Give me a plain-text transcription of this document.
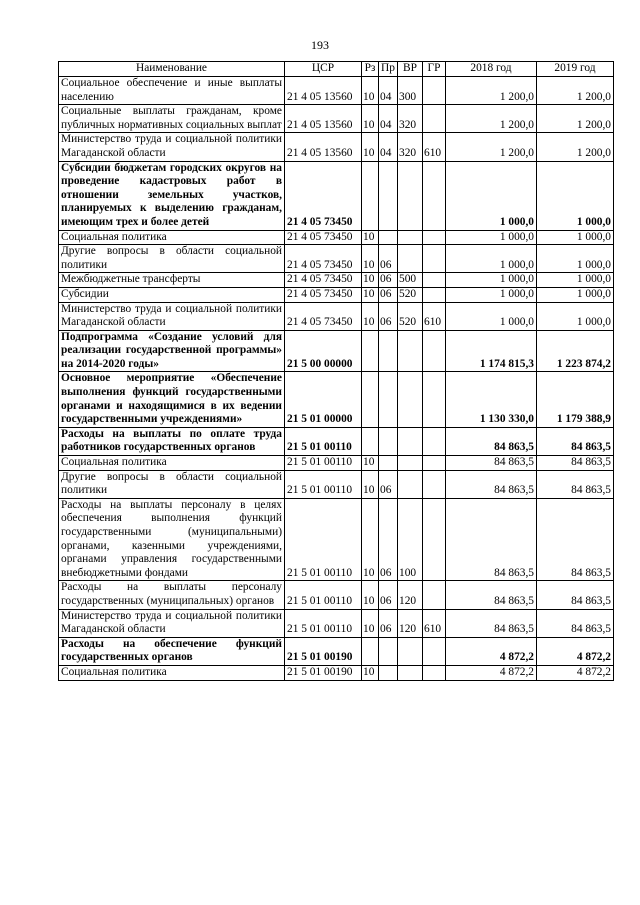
193
Наименование	ЦСР	Рз	Пр	ВР	ГР	2018 год	2019 год
Социальное обеспечение и иные выплаты населению	21 4 05 13560	10	04	300		1 200,0	1 200,0
Социальные выплаты гражданам, кроме публичных нормативных социальных выплат	21 4 05 13560	10	04	320		1 200,0	1 200,0
Министерство труда и социальной политики Магаданской области	21 4 05 13560	10	04	320	610	1 200,0	1 200,0
Субсидии бюджетам городских округов на проведение кадастровых работ в отношении земельных участков, планируемых к выделению гражданам, имеющим трех и более детей	21 4 05 73450					1 000,0	1 000,0
Социальная политика	21 4 05 73450	10				1 000,0	1 000,0
Другие вопросы в области социальной политики	21 4 05 73450	10	06			1 000,0	1 000,0
Межбюджетные трансферты	21 4 05 73450	10	06	500		1 000,0	1 000,0
Субсидии	21 4 05 73450	10	06	520		1 000,0	1 000,0
Министерство труда и социальной политики Магаданской области	21 4 05 73450	10	06	520	610	1 000,0	1 000,0
Подпрограмма «Создание условий для реализации государственной программы» на 2014-2020 годы»	21 5 00 00000					1 174 815,3	1 223 874,2
Основное мероприятие «Обеспечение выполнения функций государственными органами и находящимися в их ведении государственными учреждениями»	21 5 01 00000					1 130 330,0	1 179 388,9
Расходы на выплаты по оплате труда работников государственных органов	21 5 01 00110					84 863,5	84 863,5
Социальная политика	21 5 01 00110	10				84 863,5	84 863,5
Другие вопросы в области социальной политики	21 5 01 00110	10	06			84 863,5	84 863,5
Расходы на выплаты персоналу в целях обеспечения выполнения функций государственными (муниципальными) органами, казенными учреждениями, органами управления государственными внебюджетными фондами	21 5 01 00110	10	06	100		84 863,5	84 863,5
Расходы на выплаты персоналу государственных (муниципальных) органов	21 5 01 00110	10	06	120		84 863,5	84 863,5
Министерство труда и социальной политики Магаданской области	21 5 01 00110	10	06	120	610	84 863,5	84 863,5
Расходы на обеспечение функций государственных органов	21 5 01 00190					4 872,2	4 872,2
Социальная политика	21 5 01 00190	10				4 872,2	4 872,2
